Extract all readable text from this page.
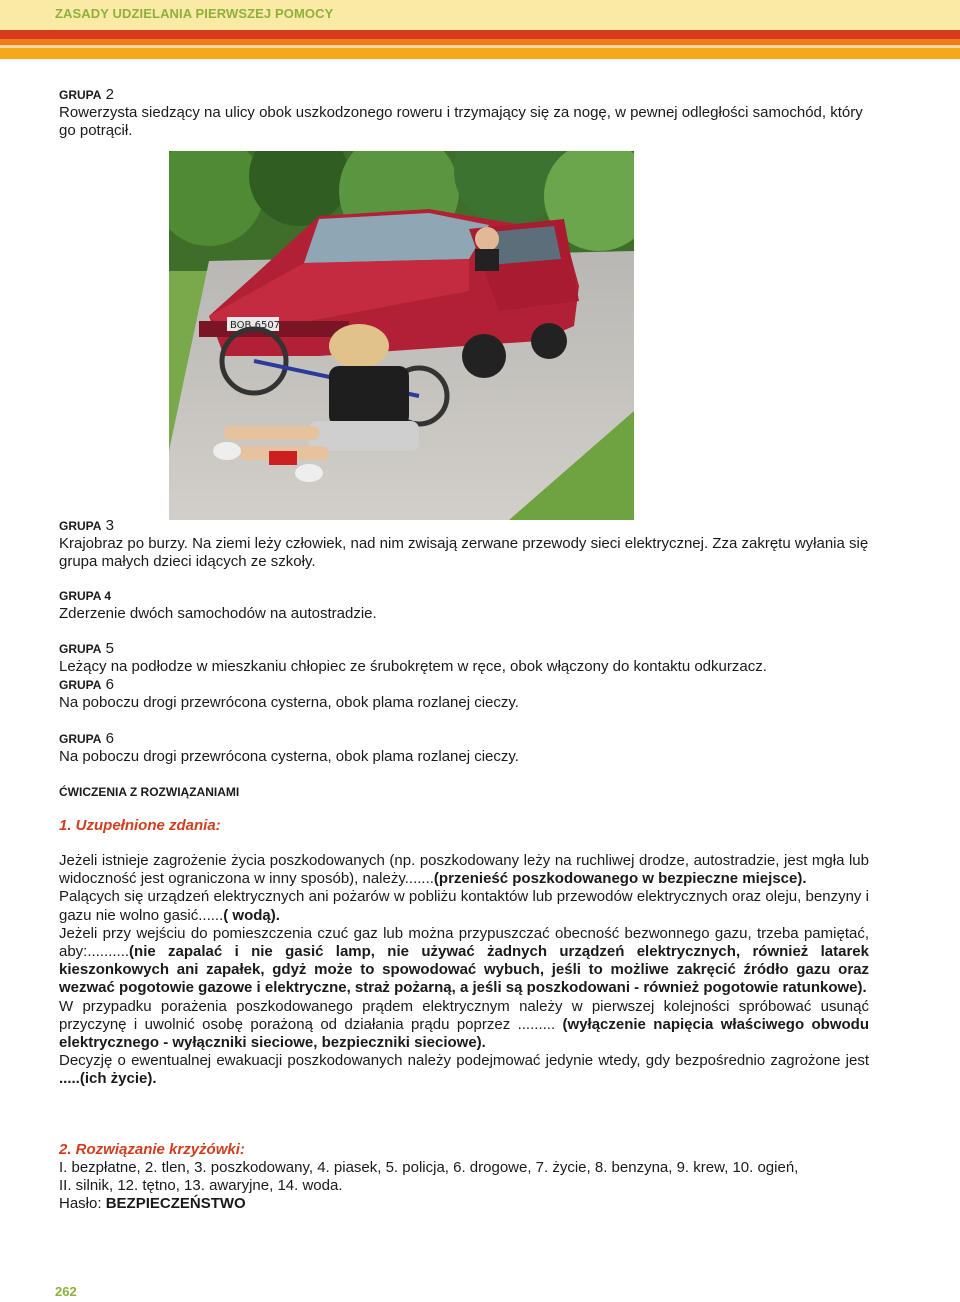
ZASADY UDZIELANIA PIERWSZEJ POMOCY
GRUPA 2
Rowerzysta siedzący na ulicy obok uszkodzonego roweru i trzymający się za nogę, w pewnej odległości samochód, który go potrącił.
BOB 6507
GRUPA 3
Krajobraz po burzy. Na ziemi leży człowiek, nad nim zwisają zerwane przewody sieci elektrycznej. Zza zakrętu wyłania się grupa małych dzieci idących ze szkoły.
GRUPA 4
Zderzenie dwóch samochodów na autostradzie.
GRUPA 5
Leżący na podłodze w mieszkaniu chłopiec ze śrubokrętem w ręce, obok włączony do kontaktu odkurzacz.
GRUPA 6
Na poboczu drogi przewrócona cysterna, obok plama rozlanej cieczy.
GRUPA 6
Na poboczu drogi przewrócona cysterna, obok plama rozlanej cieczy.
ĆWICZENIA Z ROZWIĄZANIAMI
1. Uzupełnione zdania:
Jeżeli istnieje zagrożenie życia poszkodowanych (np. poszkodowany leży na ruchliwej drodze, autostradzie, jest mgła lub widoczność jest ograniczona w inny sposób), należy.......(przenieść poszkodowanego w bezpieczne miejsce).
Palących się urządzeń elektrycznych ani pożarów w pobliżu kontaktów lub przewodów elektrycznych oraz oleju, benzyny i gazu nie wolno gasić......( wodą).
Jeżeli przy wejściu do pomieszczenia czuć gaz lub można przypuszczać obecność bezwonnego gazu, trzeba pamiętać, aby:..........(nie zapalać i nie gasić lamp, nie używać żadnych urządzeń elektrycznych, również latarek kieszonkowych ani zapałek, gdyż może to spowodować wybuch, jeśli to możliwe zakręcić źródło gazu oraz wezwać pogotowie gazowe i elektryczne, straż pożarną, a jeśli są poszkodowani - również pogotowie ratunkowe).
W przypadku porażenia poszkodowanego prądem elektrycznym należy w pierwszej kolejności spróbować usunąć przyczynę i uwolnić osobę porażoną od działania prądu poprzez ......... (wyłączenie napięcia właściwego obwodu elektrycznego - wyłączniki sieciowe, bezpieczniki sieciowe).
Decyzję o ewentualnej ewakuacji poszkodowanych należy podejmować jedynie wtedy, gdy bezpośrednio zagrożone jest .....(ich życie).
2. Rozwiązanie krzyżówki:
I. bezpłatne, 2. tlen, 3. poszkodowany, 4. piasek, 5. policja, 6. drogowe, 7. życie, 8. benzyna, 9. krew, 10. ogień,
II. silnik, 12. tętno, 13. awaryjne, 14. woda.
Hasło: BEZPIECZEŃSTWO
262
